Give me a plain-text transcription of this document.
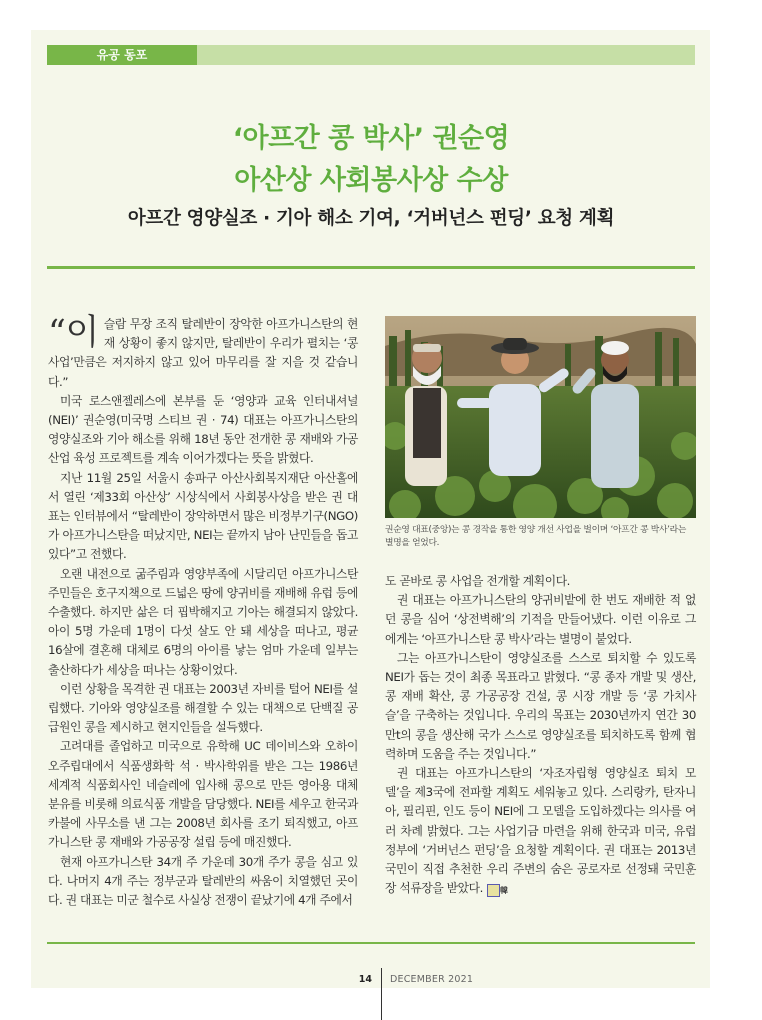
유공 동포
‘아프간 콩 박사’ 권순영
아산상 사회봉사상 수상
아프간 영양실조 · 기아 해소 기여, ‘거버넌스 펀딩’ 요청 계획

“이 슬람 무장 조직 탈레반이 장악한 아프가니스탄의 현재 상황이 좋지 않지만, 탈레반이 우리가 펼치는 ‘콩 사업’만큼은 저지하지 않고 있어 마무리를 잘 지을 것 같습니다.”

미국 로스앤젤레스에 본부를 둔 ‘영양과 교육 인터내셔널(NEI)’ 권순영(미국명 스티브 권 · 74) 대표는 아프가니스탄의 영양실조와 기아 해소를 위해 18년 동안 전개한 콩 재배와 가공 산업 육성 프로젝트를 계속 이어가겠다는 뜻을 밝혔다.

지난 11월 25일 서울시 송파구 아산사회복지재단 아산홀에서 열린 ‘제33회 아산상’ 시상식에서 사회봉사상을 받은 권 대표는 인터뷰에서 “탈레반이 장악하면서 많은 비정부기구(NGO)가 아프가니스탄을 떠났지만, NEI는 끝까지 남아 난민들을 돕고 있다”고 전했다.

오랜 내전으로 굶주림과 영양부족에 시달리던 아프가니스탄 주민들은 호구지책으로 드넓은 땅에 양귀비를 재배해 유럽 등에 수출했다. 하지만 삶은 더 핍박해지고 기아는 해결되지 않았다. 아이 5명 가운데 1명이 다섯 살도 안 돼 세상을 떠나고, 평균 16살에 결혼해 대체로 6명의 아이를 낳는 엄마 가운데 일부는 출산하다가 세상을 떠나는 상황이었다.

이런 상황을 목격한 권 대표는 2003년 자비를 털어 NEI를 설립했다. 기아와 영양실조를 해결할 수 있는 대책으로 단백질 공급원인 콩을 제시하고 현지인들을 설득했다.

고려대를 졸업하고 미국으로 유학해 UC 데이비스와 오하이오주립대에서 식품생화학 석 · 박사학위를 받은 그는 1986년 세계적 식품회사인 네슬레에 입사해 콩으로 만든 영아용 대체 분유를 비롯해 의료식품 개발을 담당했다. NEI를 세우고 한국과 카불에 사무소를 낸 그는 2008년 회사를 조기 퇴직했고, 아프가니스탄 콩 재배와 가공공장 설립 등에 매진했다.

현재 아프가니스탄 34개 주 가운데 30개 주가 콩을 심고 있다. 나머지 4개 주는 정부군과 탈레반의 싸움이 치열했던 곳이다. 권 대표는 미군 철수로 사실상 전쟁이 끝났기에 4개 주에서

권순영 대표(중앙)는 콩 경작을 통한 영양 개선 사업을 벌이며 ‘아프간 콩 박사’라는 별명을 얻었다.

도 곧바로 콩 사업을 전개할 계획이다.

권 대표는 아프가니스탄의 양귀비밭에 한 번도 재배한 적 없던 콩을 심어 ‘상전벽해’의 기적을 만들어냈다. 이런 이유로 그에게는 ‘아프가니스탄 콩 박사’라는 별명이 붙었다.

그는 아프가니스탄이 영양실조를 스스로 퇴치할 수 있도록 NEI가 돕는 것이 최종 목표라고 밝혔다. “콩 종자 개발 및 생산, 콩 재배 확산, 콩 가공공장 건설, 콩 시장 개발 등 ‘콩 가치사슬’을 구축하는 것입니다. 우리의 목표는 2030년까지 연간 30만t의 콩을 생산해 국가 스스로 영양실조를 퇴치하도록 함께 협력하며 도움을 주는 것입니다.”

권 대표는 아프가니스탄의 ‘자조자립형 영양실조 퇴치 모델’을 제3국에 전파할 계획도 세워놓고 있다. 스리랑카, 탄자니아, 필리핀, 인도 등이 NEI에 그 모델을 도입하겠다는 의사를 여러 차례 밝혔다. 그는 사업기금 마련을 위해 한국과 미국, 유럽 정부에 ‘거버넌스 펀딩’을 요청할 계획이다. 권 대표는 2013년 국민이 직접 추천한 우리 주변의 숨은 공로자로 선정돼 국민훈장 석류장을 받았다. 韓

14 DECEMBER 2021
